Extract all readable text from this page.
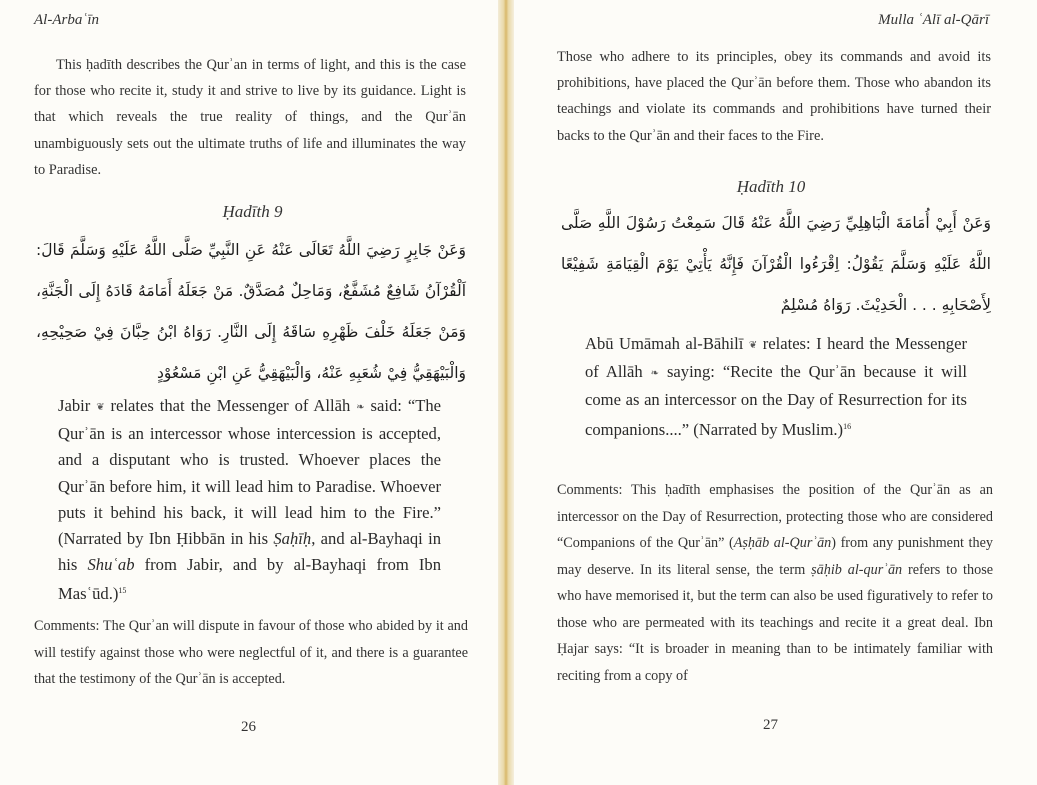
Al-Arbaʿīn
This ḥadīth describes the Qurʾan in terms of light, and this is the case for those who recite it, study it and strive to live by its guidance. Light is that which reveals the true reality of things, and the Qurʾān unambiguously sets out the ultimate truths of life and illuminates the way to Paradise.
Ḥadīth 9
وَعَنْ جَابِرٍ رَضِيَ اللَّهُ تَعَالَى عَنْهُ عَنِ النَّبِيِّ صَلَّى اللَّهُ عَلَيْهِ وَسَلَّمَ قَالَ: اَلْقُرْآنُ شَافِعٌ مُشَفَّعٌ، وَمَاحِلٌ مُصَدَّقٌ. مَنْ جَعَلَهُ أَمَامَهُ قَادَهُ إِلَى الْجَنَّةِ، وَمَنْ جَعَلَهُ خَلْفَ ظَهْرِهِ سَاقَهُ إِلَى النَّارِ. رَوَاهُ ابْنُ حِبَّانَ فِيْ صَحِيْحِهِ، وَالْبَيْهَقِيُّ فِيْ شُعَبِهِ عَنْهُ، وَالْبَيْهَقِيُّ عَنِ ابْنِ مَسْعُوْدٍ
Jabir ❦ relates that the Messenger of Allāh ❧ said: “The Qurʾān is an intercessor whose intercession is accepted, and a disputant who is trusted. Whoever places the Qurʾān before him, it will lead him to Paradise. Whoever puts it behind his back, it will lead him to the Fire.” (Narrated by Ibn Ḥibbān in his Ṣaḥīḥ, and al-Bayhaqi in his Shuʿab from Jabir, and by al-Bayhaqi from Ibn Masʿūd.)$^{15}$
Comments: The Qurʾan will dispute in favour of those who abided by it and will testify against those who were neglectful of it, and there is a guarantee that the testimony of the Qurʾān is accepted.
26
Mulla ʿAlī al-Qārī
Those who adhere to its principles, obey its commands and avoid its prohibitions, have placed the Qurʾān before them. Those who abandon its teachings and violate its commands and prohibitions have turned their backs to the Qurʾān and their faces to the Fire.
Ḥadīth 10
وَعَنْ أَبِيْ أُمَامَةَ الْبَاهِلِيِّ رَضِيَ اللَّهُ عَنْهُ قَالَ سَمِعْتُ رَسُوْلَ اللَّهِ صَلَّى اللَّهُ عَلَيْهِ وَسَلَّمَ يَقُوْلُ: اِقْرَءُوا الْقُرْآنَ فَإِنَّهُ يَأْتِيْ يَوْمَ الْقِيَامَةِ شَفِيْعًا لِأَصْحَابِهِ . . . الْحَدِيْثَ. رَوَاهُ مُسْلِمٌ
Abū Umāmah al-Bāhilī ❦ relates: I heard the Messenger of Allāh ❧ saying: “Recite the Qurʾān because it will come as an intercessor on the Day of Resurrection for its companions....” (Narrated by Muslim.)$^{16}$
Comments: This ḥadīth emphasises the position of the Qurʾān as an intercessor on the Day of Resurrection, protecting those who are considered “Companions of the Qurʾān” (Aṣḥāb al-Qurʾān) from any punishment they may deserve. In its literal sense, the term ṣāḥib al-qurʾān refers to those who have memorised it, but the term can also be used figuratively to refer to those who are permeated with its teachings and recite it a great deal. Ibn Ḥajar says: “It is broader in meaning than to be intimately familiar with reciting from a copy of
27
